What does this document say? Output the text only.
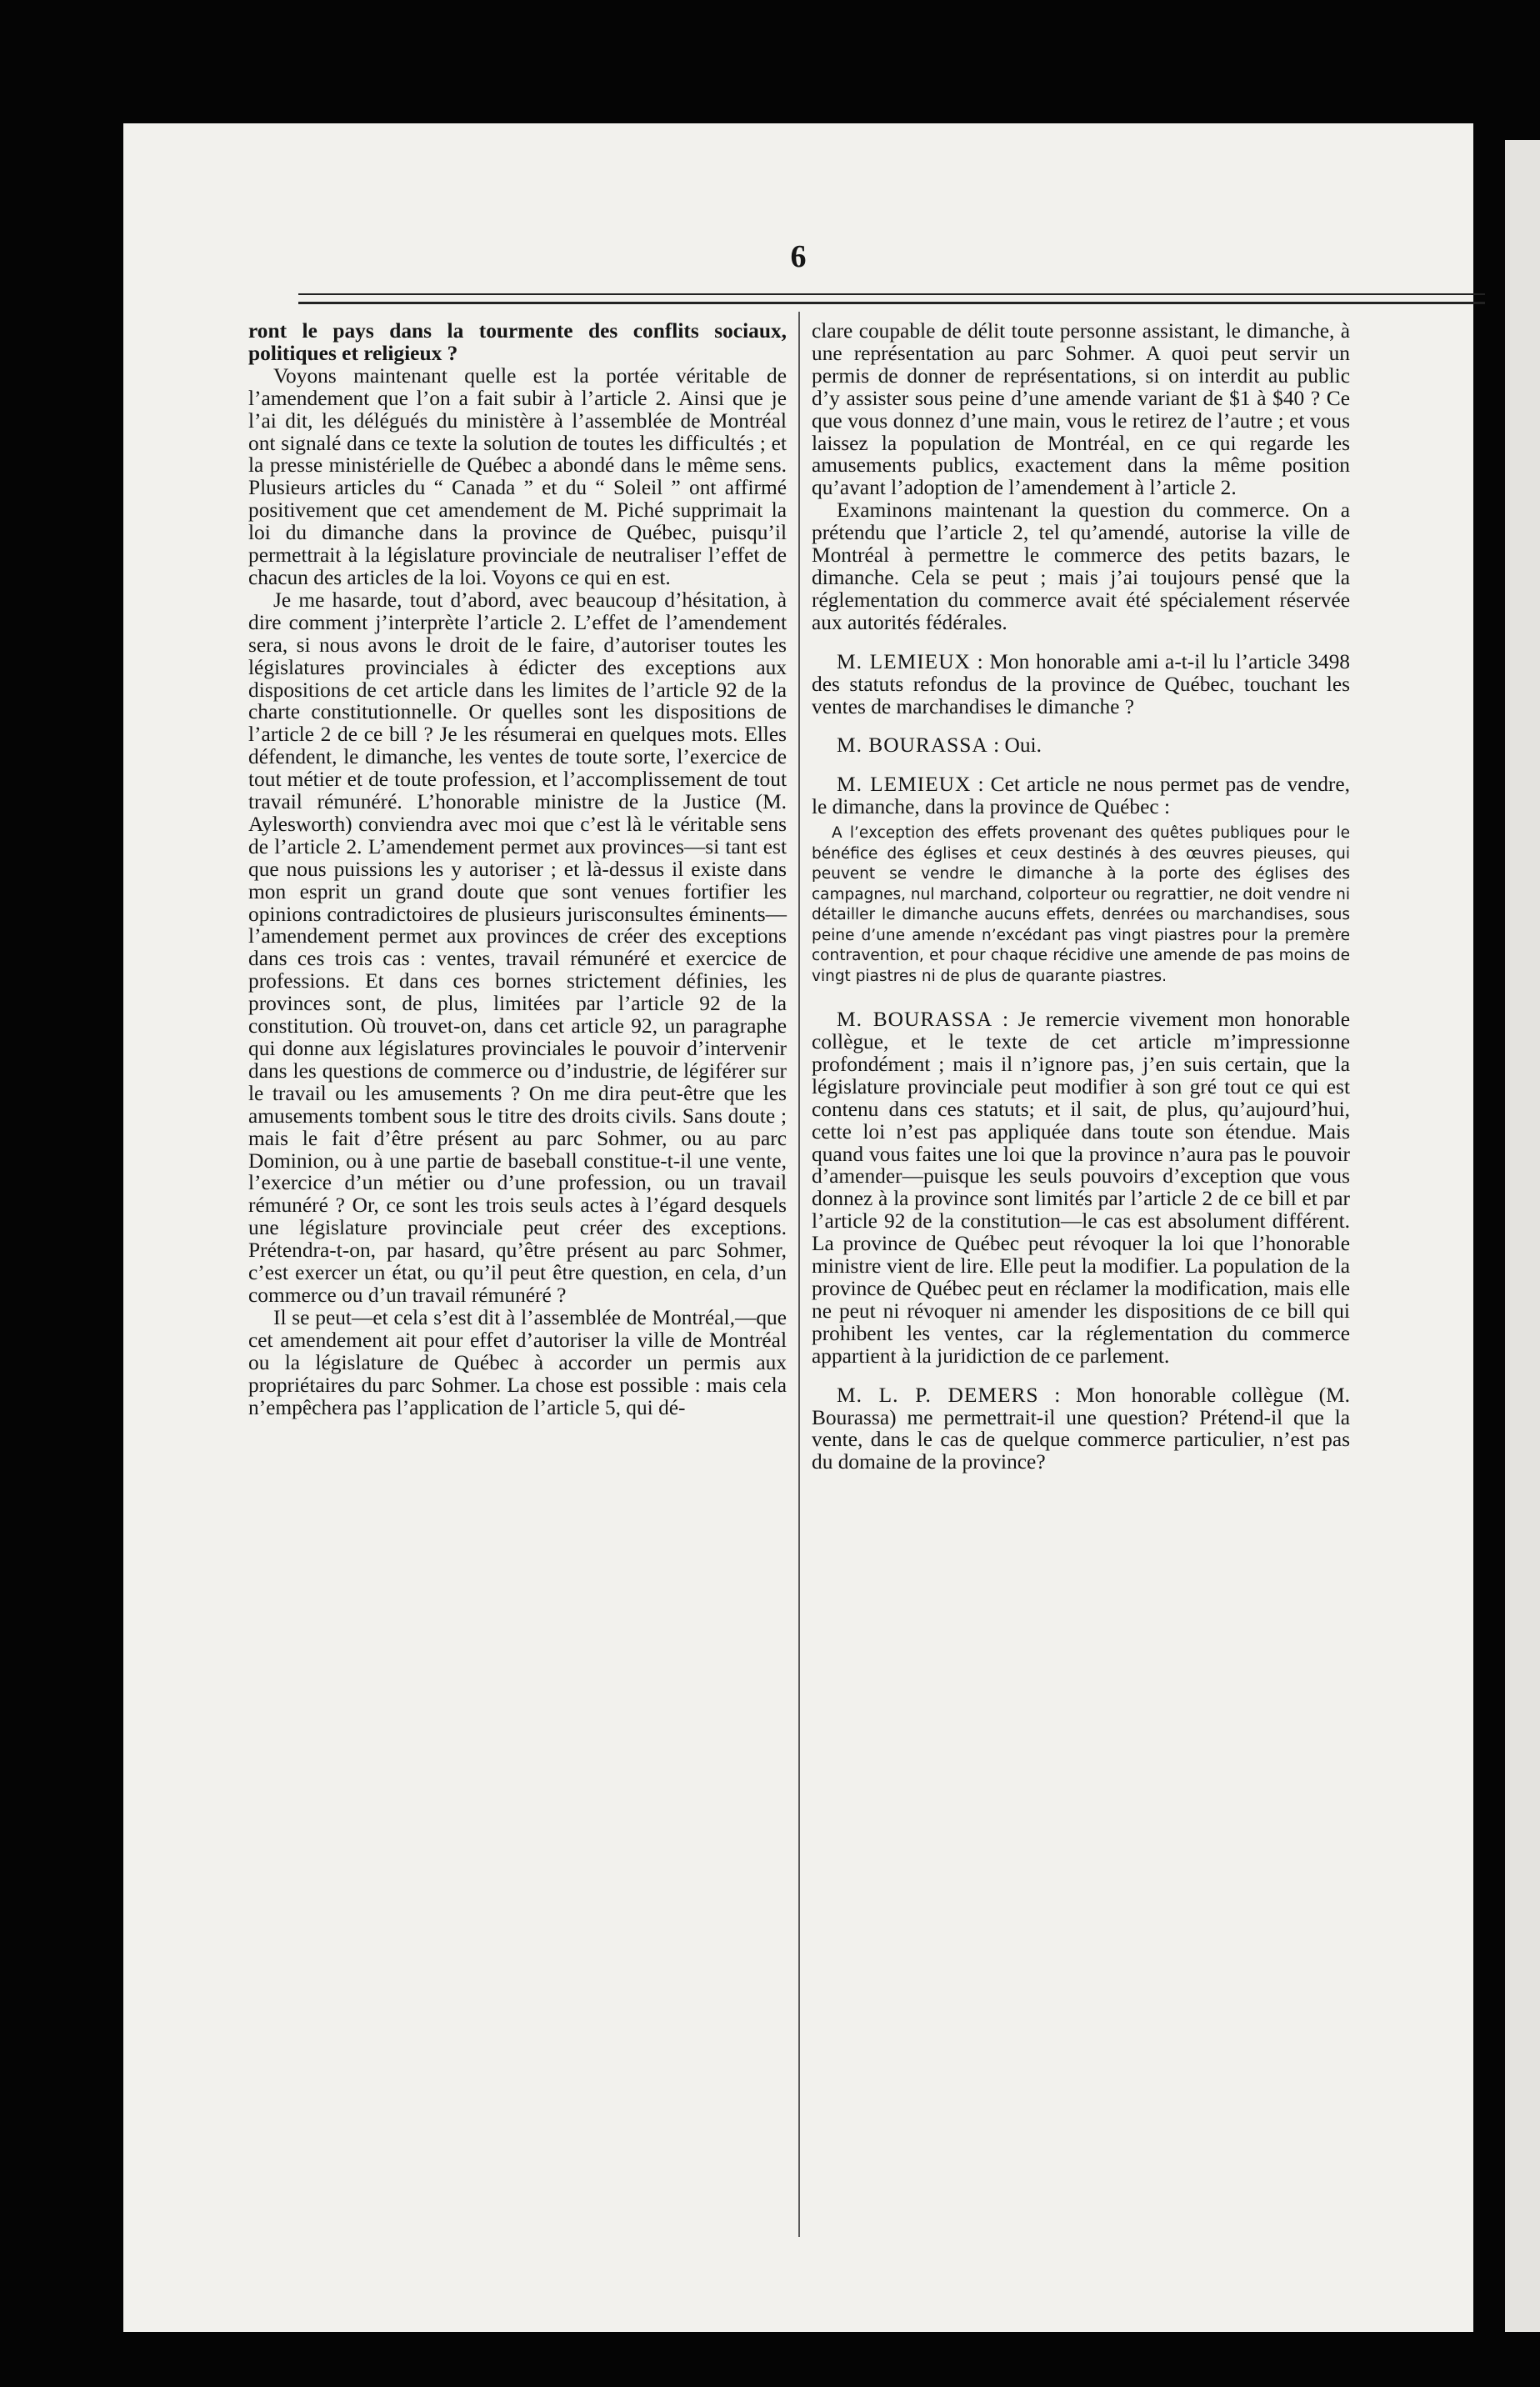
6

ront le pays dans la tourmente des conflits sociaux, politiques et religieux ?

Voyons maintenant quelle est la portée véritable de l’amendement que l’on a fait subir à l’article 2. Ainsi que je l’ai dit, les délégués du ministère à l’assemblée de Montréal ont signalé dans ce texte la solution de toutes les difficultés ; et la presse ministérielle de Québec a abondé dans le même sens. Plusieurs articles du “ Canada ” et du “ Soleil ” ont affirmé positivement que cet amendement de M. Piché supprimait la loi du dimanche dans la province de Québec, puisqu’il permettrait à la législature provinciale de neutraliser l’effet de chacun des articles de la loi. Voyons ce qui en est.

Je me hasarde, tout d’abord, avec beaucoup d’hésitation, à dire comment j’interprète l’article 2. L’effet de l’amendement sera, si nous avons le droit de le faire, d’autoriser toutes les législatures provinciales à édicter des exceptions aux dispositions de cet article dans les limites de l’article 92 de la charte constitutionnelle. Or quelles sont les dispositions de l’article 2 de ce bill ? Je les résumerai en quelques mots. Elles défendent, le dimanche, les ventes de toute sorte, l’exercice de tout métier et de toute profession, et l’accomplissement de tout travail rémunéré. L’honorable ministre de la Justice (M. Aylesworth) conviendra avec moi que c’est là le véritable sens de l’article 2. L’amendement permet aux provinces—si tant est que nous puissions les y autoriser ; et là-dessus il existe dans mon esprit un grand doute que sont venues fortifier les opinions contradictoires de plusieurs jurisconsultes éminents—l’amendement permet aux provinces de créer des exceptions dans ces trois cas : ventes, travail rémunéré et exercice de professions. Et dans ces bornes strictement définies, les provinces sont, de plus, limitées par l’article 92 de la constitution. Où trouvet-on, dans cet article 92, un paragraphe qui donne aux législatures provinciales le pouvoir d’intervenir dans les questions de commerce ou d’industrie, de légiférer sur le travail ou les amusements ? On me dira peut-être que les amusements tombent sous le titre des droits civils. Sans doute ; mais le fait d’être présent au parc Sohmer, ou au parc Dominion, ou à une partie de baseball constitue-t-il une vente, l’exercice d’un métier ou d’une profession, ou un travail rémunéré ? Or, ce sont les trois seuls actes à l’égard desquels une législature provinciale peut créer des exceptions. Prétendra-t-on, par hasard, qu’être présent au parc Sohmer, c’est exercer un état, ou qu’il peut être question, en cela, d’un commerce ou d’un travail rémunéré ?

Il se peut—et cela s’est dit à l’assemblée de Montréal,—que cet amendement ait pour effet d’autoriser la ville de Montréal ou la législature de Québec à accorder un permis aux propriétaires du parc Sohmer. La chose est possible : mais cela n’empêchera pas l’application de l’article 5, qui dé-

clare coupable de délit toute personne assistant, le dimanche, à une représentation au parc Sohmer. A quoi peut servir un permis de donner de représentations, si on interdit au public d’y assister sous peine d’une amende variant de $1 à $40 ? Ce que vous donnez d’une main, vous le retirez de l’autre ; et vous laissez la population de Montréal, en ce qui regarde les amusements publics, exactement dans la même position qu’avant l’adoption de l’amendement à l’article 2.

Examinons maintenant la question du commerce. On a prétendu que l’article 2, tel qu’amendé, autorise la ville de Montréal à permettre le commerce des petits bazars, le dimanche. Cela se peut ; mais j’ai toujours pensé que la réglementation du commerce avait été spécialement réservée aux autorités fédérales.

M. LEMIEUX : Mon honorable ami a-t-il lu l’article 3498 des statuts refondus de la province de Québec, touchant les ventes de marchandises le dimanche ?

M. BOURASSA : Oui.

M. LEMIEUX : Cet article ne nous permet pas de vendre, le dimanche, dans la province de Québec :

A l’exception des effets provenant des quêtes publiques pour le bénéfice des églises et ceux destinés à des œuvres pieuses, qui peuvent se vendre le dimanche à la porte des églises des campagnes, nul marchand, colporteur ou regrattier, ne doit vendre ni détailler le dimanche aucuns effets, denrées ou marchandises, sous peine d’une amende n’excédant pas vingt piastres pour la premère contravention, et pour chaque récidive une amende de pas moins de vingt piastres ni de plus de quarante piastres.

M. BOURASSA : Je remercie vivement mon honorable collègue, et le texte de cet article m’impressionne profondément ; mais il n’ignore pas, j’en suis certain, que la législature provinciale peut modifier à son gré tout ce qui est contenu dans ces statuts; et il sait, de plus, qu’aujourd’hui, cette loi n’est pas appliquée dans toute son étendue. Mais quand vous faites une loi que la province n’aura pas le pouvoir d’amender—puisque les seuls pouvoirs d’exception que vous donnez à la province sont limités par l’article 2 de ce bill et par l’article 92 de la constitution—le cas est absolument différent. La province de Québec peut révoquer la loi que l’honorable ministre vient de lire. Elle peut la modifier. La population de la province de Québec peut en réclamer la modification, mais elle ne peut ni révoquer ni amender les dispositions de ce bill qui prohibent les ventes, car la réglementation du commerce appartient à la juridiction de ce parlement.

M. L. P. DEMERS : Mon honorable collègue (M. Bourassa) me permettrait-il une question? Prétend-il que la vente, dans le cas de quelque commerce particulier, n’est pas du domaine de la province?
